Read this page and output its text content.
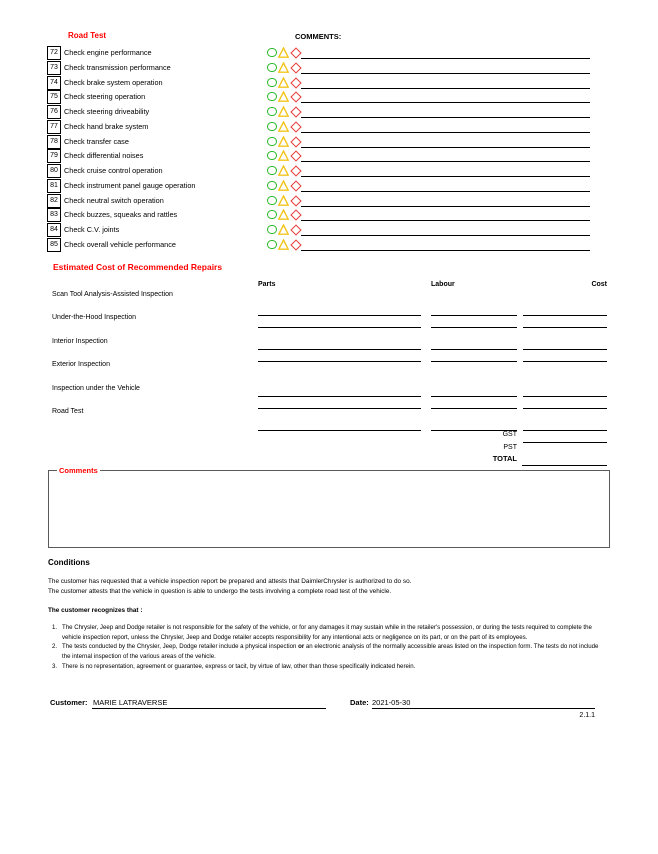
Road Test	COMMENTS:
72 Check engine performance
73 Check transmission performance
74 Check brake system operation
75 Check steering operation
76 Check steering driveability
77 Check hand brake system
78 Check transfer case
79 Check differential noises
80 Check cruise control operation
81 Check instrument panel gauge operation
82 Check neutral switch operation
83 Check buzzes, squeaks and rattles
84 Check C.V. joints
85 Check overall vehicle performance
Estimated Cost of Recommended Repairs
Parts	Labour	Cost
Scan Tool Analysis-Assisted Inspection
Under-the-Hood Inspection
Interior Inspection
Exterior Inspection
Inspection under the Vehicle
Road Test
GST
PST
TOTAL
Comments
Conditions
The customer has requested that a vehicle inspection report be prepared and attests that DaimlerChrysler is authorized to do so.
The customer attests that the vehicle in question is able to undergo the tests involving a complete road test of the vehicle.
The customer recognizes that :
1. The Chrysler, Jeep and Dodge retailer is not responsible for the safety of the vehicle, or for any damages it may sustain while in the retailer's possession, or during the tests required to complete the vehicle inspection report, unless the Chrysler, Jeep and Dodge retailer accepts responsibility for any intentional acts or negligence on its part, or on the part of its employees.
2. The tests conducted by the Chrysler, Jeep, Dodge retailer include a physical inspection or an electronic analysis of the normally accessible areas listed on the inspection form. The tests do not include the internal inspection of the various areas of the vehicle.
3. There is no representation, agreement or guarantee, express or tacit, by virtue of law, other than those specifically indicated herein.
Customer: MARIE LATRAVERSE	Date: 2021-05-30
2.1.1
